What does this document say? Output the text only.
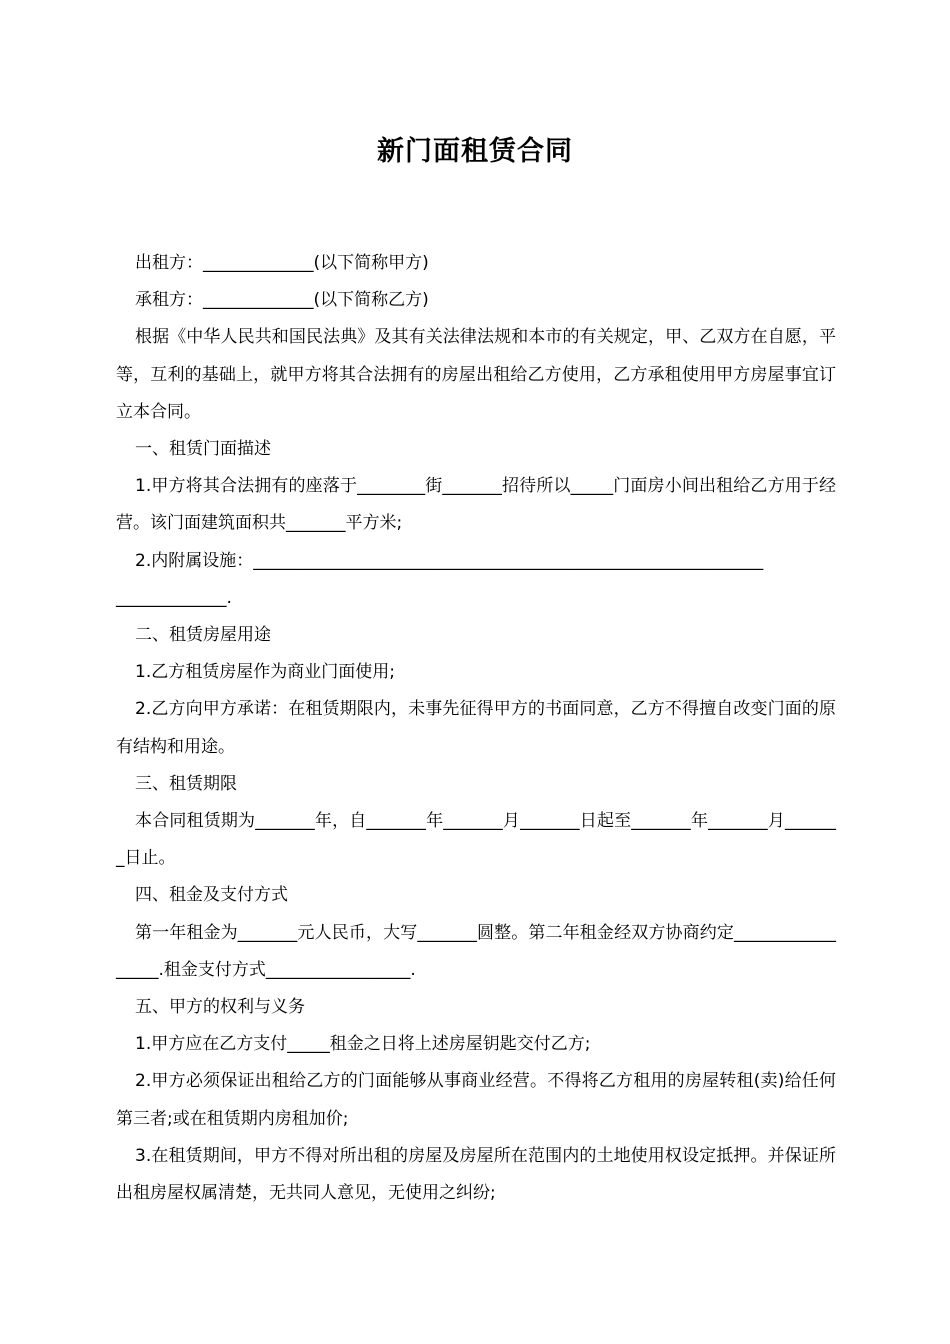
新门面租赁合同

出租方：_____________(以下简称甲方)

承租方：_____________(以下简称乙方)

根据《中华人民共和国民法典》及其有关法律法规和本市的有关规定，甲、乙双方在自愿，平等，互利的基础上，就甲方将其合法拥有的房屋出租给乙方使用，乙方承租使用甲方房屋事宜订立本合同。

一、租赁门面描述

1.甲方将其合法拥有的座落于________街_______招待所以_____门面房小间出租给乙方用于经营。该门面建筑面积共_______平方米;

2.内附属设施：____________________________________________________________

_____________.

二、租赁房屋用途

1.乙方租赁房屋作为商业门面使用;

2.乙方向甲方承诺：在租赁期限内，未事先征得甲方的书面同意，乙方不得擅自改变门面的原有结构和用途。

三、租赁期限

本合同租赁期为_______年，自_______年_______月_______日起至_______年_______月_______日止。

四、租金及支付方式

第一年租金为_______元人民币，大写_______圆整。第二年租金经双方协商约定_________________.租金支付方式_________________.

五、甲方的权利与义务

1.甲方应在乙方支付_____租金之日将上述房屋钥匙交付乙方;

2.甲方必须保证出租给乙方的门面能够从事商业经营。不得将乙方租用的房屋转租(卖)给任何第三者;或在租赁期内房租加价;

3.在租赁期间，甲方不得对所出租的房屋及房屋所在范围内的土地使用权设定抵押。并保证所出租房屋权属清楚，无共同人意见，无使用之纠纷;
